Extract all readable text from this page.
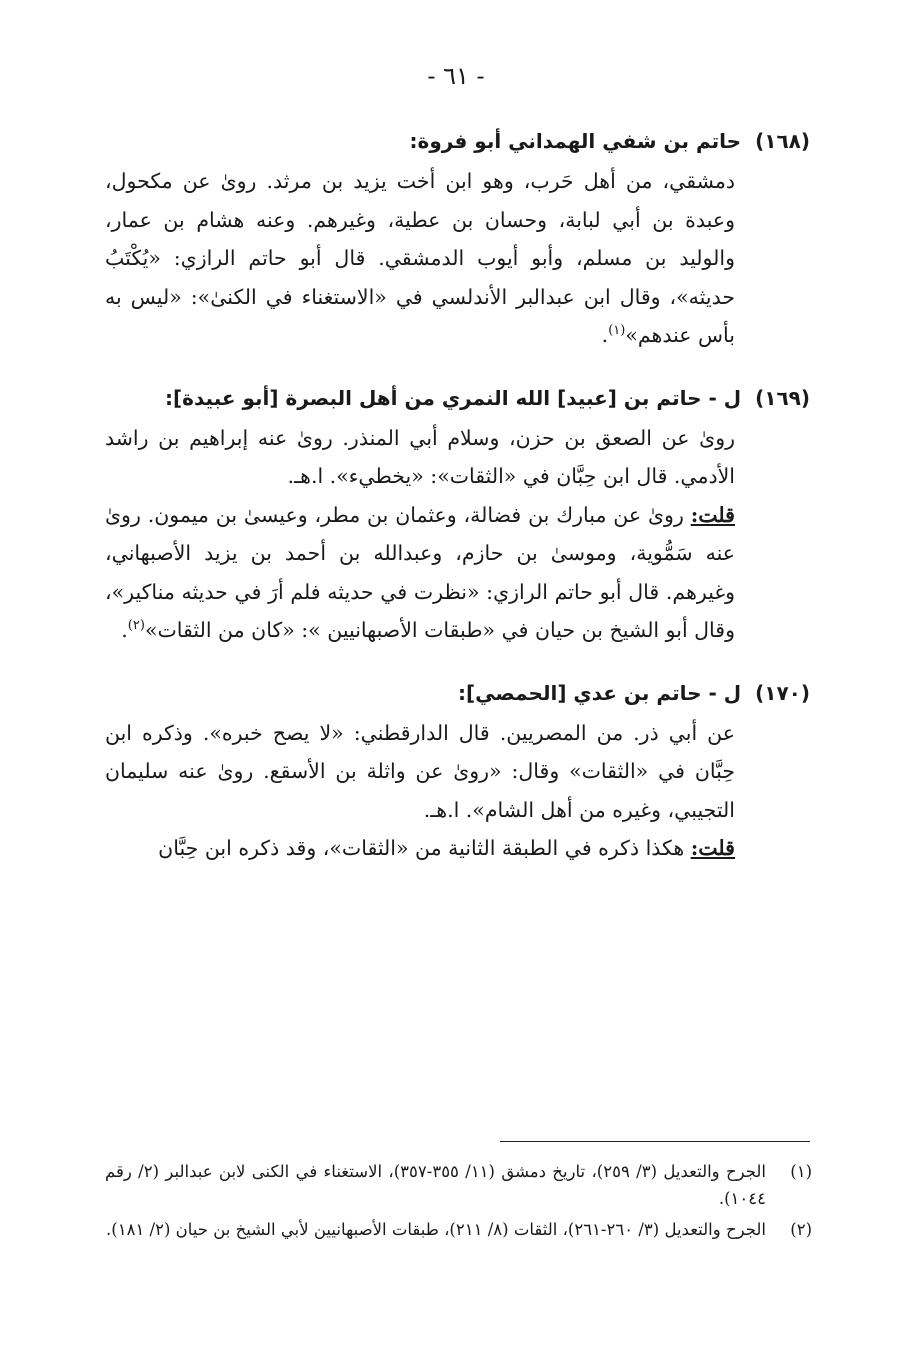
- ٦١ -
(١٦٨)حاتم بن شفي الهمداني أبو فروة:

دمشقي، من أهل حَرب، وهو ابن أخت يزيد بن مرثد. روىٰ عن مكحول، وعبدة بن أبي لبابة، وحسان بن عطية، وغيرهم. وعنه هشام بن عمار، والوليد بن مسلم، وأبو أيوب الدمشقي. قال أبو حاتم الرازي: «يُكْتَبُ حديثه»، وقال ابن عبدالبر الأندلسي في «الاستغناء في الكنىٰ»: «ليس به بأس عندهم»$^{(١)}$.

(١٦٩)ل - حاتم بن [عبيد] الله النمري من أهل البصرة [أبو عبيدة]:

روىٰ عن الصعق بن حزن، وسلام أبي المنذر. روىٰ عنه إبراهيم بن راشد الأدمي. قال ابن حِبَّان في «الثقات»: «يخطيء». ا.هـ.

قلت: روىٰ عن مبارك بن فضالة، وعثمان بن مطر، وعيسىٰ بن ميمون. روىٰ عنه سَمُّوية، وموسىٰ بن حازم، وعبدالله بن أحمد بن يزيد الأصبهاني، وغيرهم. قال أبو حاتم الرازي: «نظرت في حديثه فلم أرَ في حديثه مناكير»، وقال أبو الشيخ بن حيان في «طبقات الأصبهانيين »: «كان من الثقات»$^{(٢)}$.

(١٧٠)ل - حاتم بن عدي [الحمصي]:

عن أبي ذر. من المصريين. قال الدارقطني: «لا يصح خبره». وذكره ابن حِبَّان في «الثقات» وقال: «روىٰ عن واثلة بن الأسقع. روىٰ عنه سليمان التجيبي، وغيره من أهل الشام». ا.هـ.

قلت: هكذا ذكره في الطبقة الثانية من «الثقات»، وقد ذكره ابن حِبَّان

(١)
الجرح والتعديل (٣/ ٢٥٩)، تاريخ دمشق (١١/ ٣٥٥-٣٥٧)، الاستغناء في الكنى لابن عبدالبر (٢/ رقم ١٠٤٤).
(٢)
الجرح والتعديل (٣/ ٢٦٠-٢٦١)، الثقات (٨/ ٢١١)، طبقات الأصبهانيين لأبي الشيخ بن حيان (٢/ ١٨١).
